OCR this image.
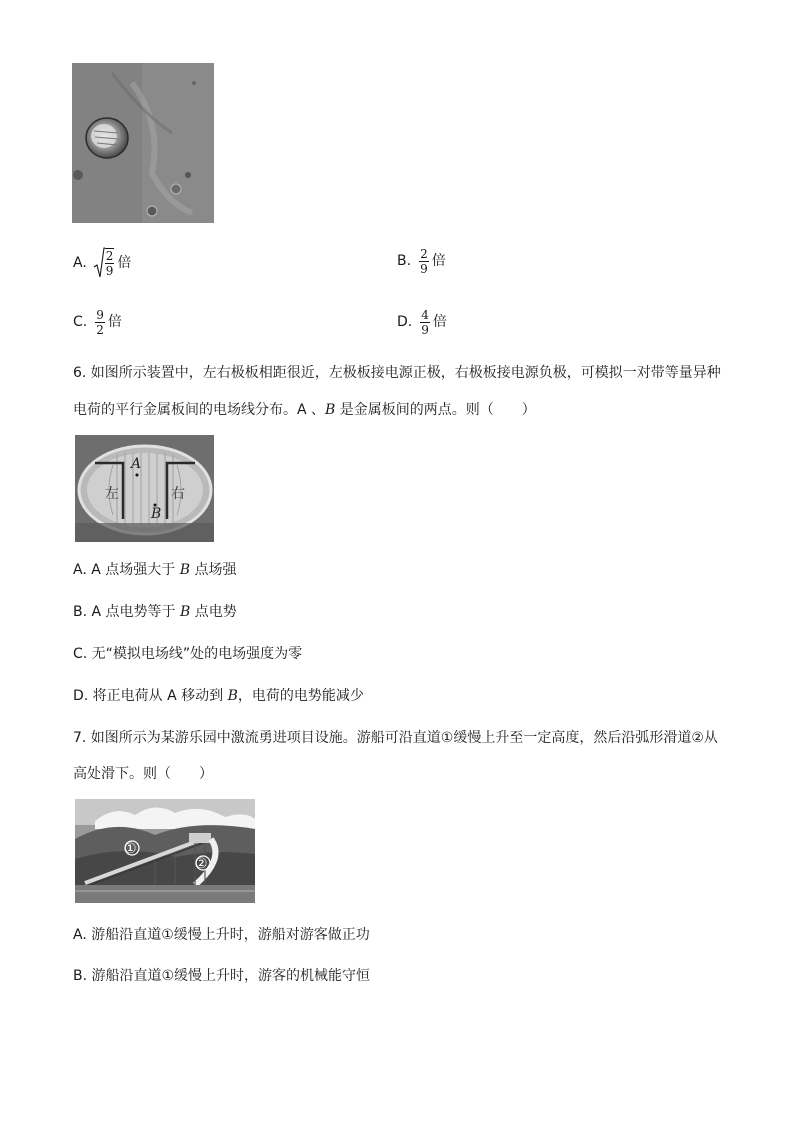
A. $\frac{2}{9}$ 倍	B. $\frac{2}{9}$ 倍
C. $\frac{9}{2}$ 倍	D. $\frac{4}{9}$ 倍
6. 如图所示装置中，左右极板相距很近，左极板接电源正极，右极板接电源负极，可模拟一对带等量异种
电荷的平行金属板间的电场线分布。A 、B 是金属板间的两点。则（　　）
A
B
左	右
A. A 点场强大于 B 点场强
B. A 点电势等于 B 点电势
C. 无“模拟电场线”处的电场强度为零
D. 将正电荷从 A 移动到 B，电荷的电势能减少
7. 如图所示为某游乐园中激流勇进项目设施。游船可沿直道①缓慢上升至一定高度，然后沿弧形滑道②从
高处滑下。则（　　）
①
②
A. 游船沿直道①缓慢上升时，游船对游客做正功
B. 游船沿直道①缓慢上升时，游客的机械能守恒
